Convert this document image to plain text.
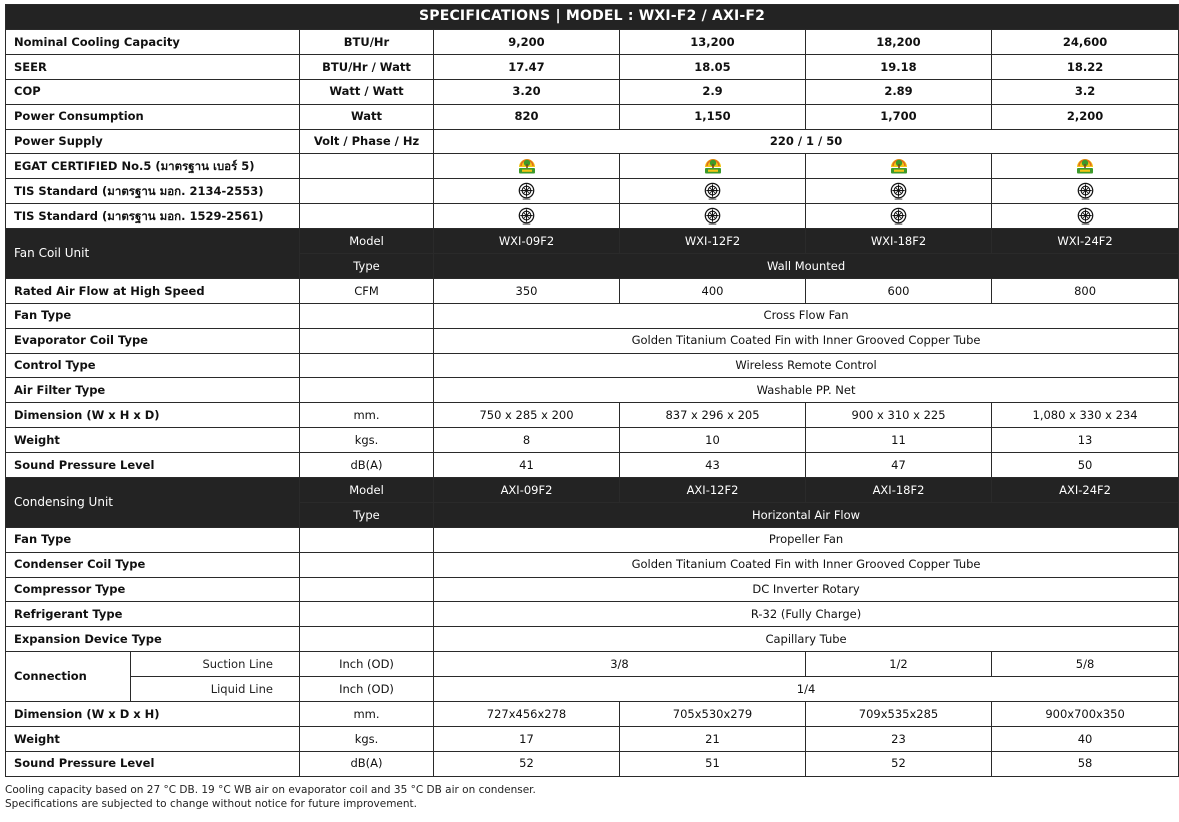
SPECIFICATIONS | MODEL : WXI-F2 / AXI-F2						
Nominal Cooling Capacity		BTU/Hr	9,200	13,200	18,200	24,600
SEER		BTU/Hr / Watt	17.47	18.05	19.18	18.22
COP		Watt / Watt	3.20	2.9	2.89	3.2
Power Consumption		Watt	820	1,150	1,700	2,200
Power Supply		Volt / Phase / Hz	220 / 1 / 50			
EGAT CERTIFIED No.5 (มาตรฐาน เบอร์ 5)					
TIS Standard (มาตรฐาน มอก. 2134-2553)					
TIS Standard (มาตรฐาน มอก. 1529-2561)					
Fan Coil Unit		Model	WXI-09F2	WXI-12F2	WXI-18F2	WXI-24F2
		Type	Wall Mounted			
Rated Air Flow at High Speed		CFM	350	400	600	800
Fan Type			Cross Flow Fan			
Evaporator Coil Type			Golden Titanium Coated Fin with Inner Grooved Copper Tube			
Control Type			Wireless Remote Control			
Air Filter Type			Washable PP. Net			
Dimension (W x H x D)		mm.	750 x 285 x 200	837 x 296 x 205	900 x 310 x 225	1,080 x 330 x 234
Weight		kgs.	8	10	11	13
Sound Pressure Level		dB(A)	41	43	47	50
Condensing Unit		Model	AXI-09F2	AXI-12F2	AXI-18F2	AXI-24F2
		Type	Horizontal Air Flow			
Fan Type			Propeller Fan			
Condenser Coil Type			Golden Titanium Coated Fin with Inner Grooved Copper Tube			
Compressor Type			DC Inverter Rotary			
Refrigerant Type			R-32 (Fully Charge)			
Expansion Device Type			Capillary Tube			
Connection	Suction Line	Inch (OD)	3/8		1/2	5/8
	Liquid Line	Inch (OD)	1/4			
Dimension (W x D x H)		mm.	727x456x278	705x530x279	709x535x285	900x700x350
Weight		kgs.	17	21	23	40
Sound Pressure Level		dB(A)	52	51	52	58

Cooling capacity based on 27 °C DB. 19 °C WB air on evaporator coil and 35 °C DB air on condenser.

Specifications are subjected to change without notice for future improvement.
